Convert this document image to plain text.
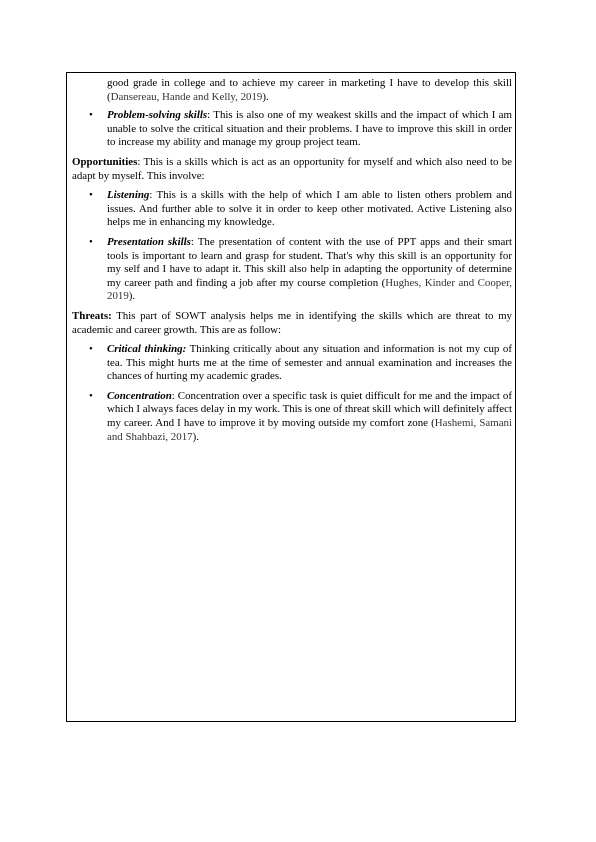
good grade in college and to achieve my career in marketing I have to develop this skill (Dansereau, Hande and Kelly, 2019).

• Problem-solving skills: This is also one of my weakest skills and the impact of which I am unable to solve the critical situation and their problems. I have to improve this skill in order to increase my ability and manage my group project team.

Opportunities: This is a skills which is act as an opportunity for myself and which also need to be adapt by myself. This involve:

• Listening: This is a skills with the help of which I am able to listen others problem and issues. And further able to solve it in order to keep other motivated. Active Listening also helps me in enhancing my knowledge.
• Presentation skills: The presentation of content with the use of PPT apps and their smart tools is important to learn and grasp for student. That's why this skill is an opportunity for my self and I have to adapt it. This skill also help in adapting the opportunity of determine my career path and finding a job after my course completion (Hughes, Kinder and Cooper, 2019).

Threats: This part of SOWT analysis helps me in identifying the skills which are threat to my academic and career growth. This are as follow:

• Critical thinking: Thinking critically about any situation and information is not my cup of tea. This might hurts me at the time of semester and annual examination and increases the chances of hurting my academic grades.
• Concentration: Concentration over a specific task is quiet difficult for me and the impact of which I always faces delay in my work. This is one of threat skill which will definitely affect my career. And I have to improve it by moving outside my comfort zone (Hashemi, Samani and Shahbazi, 2017).
